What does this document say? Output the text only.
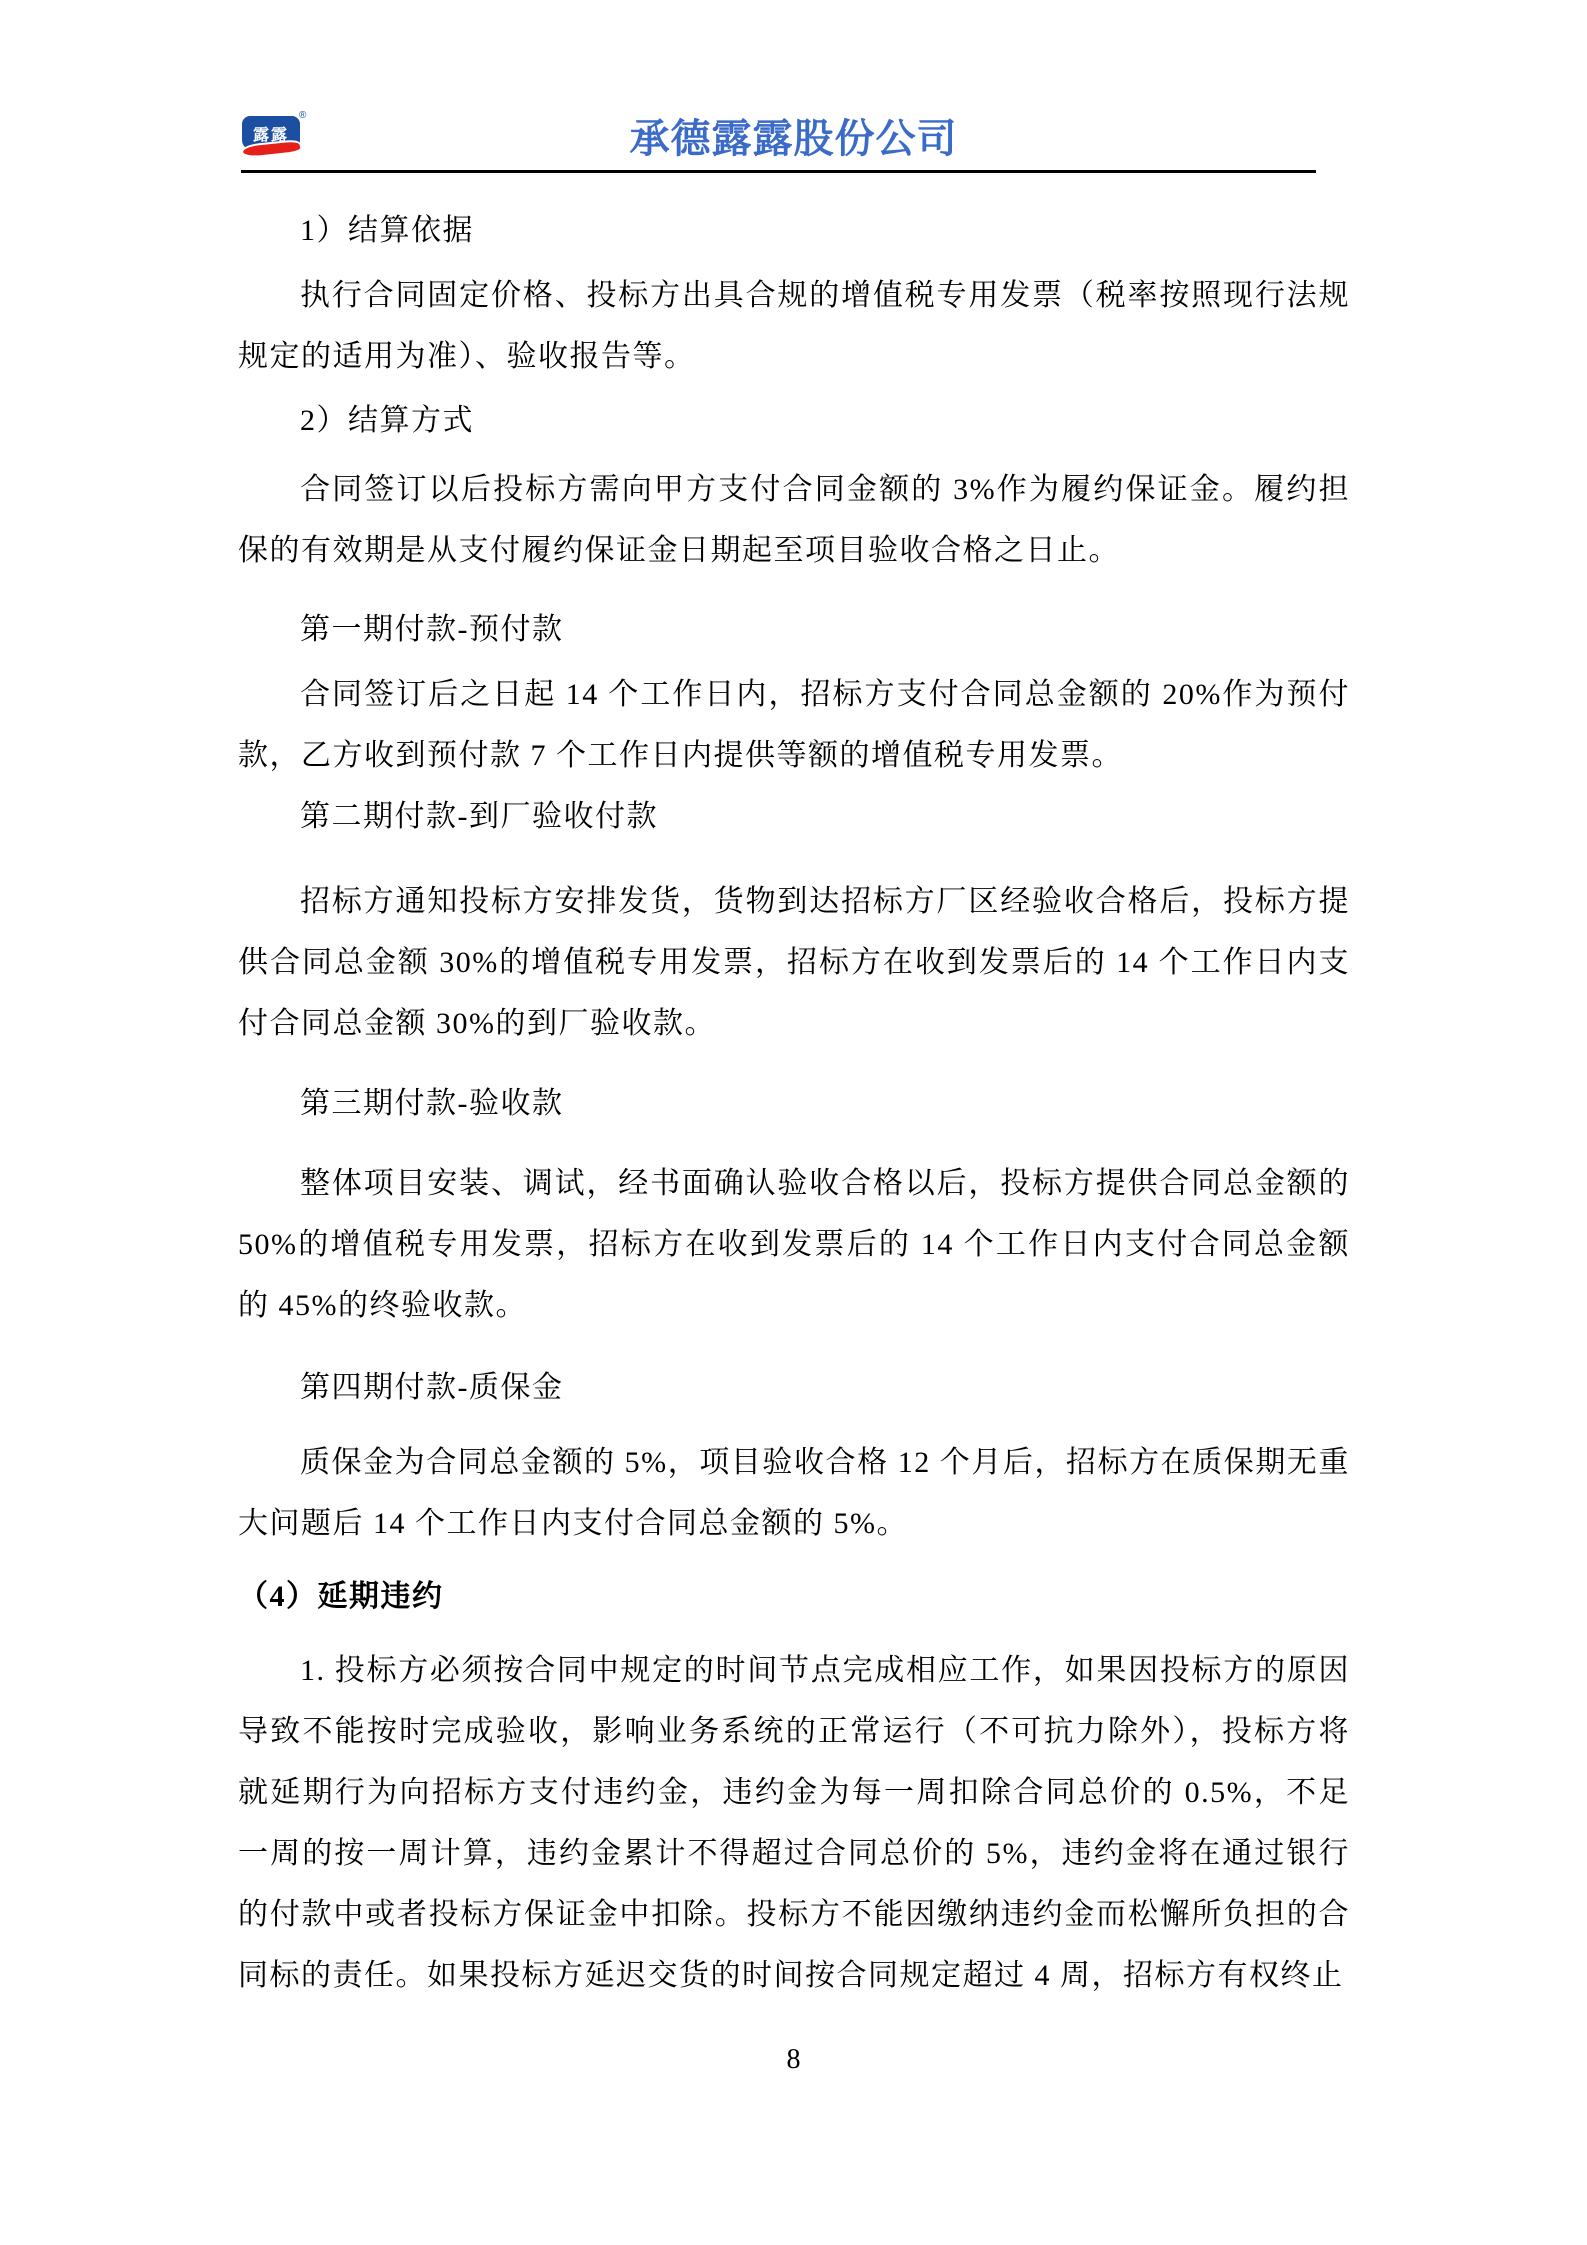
露露
®
承德露露股份公司

1）结算依据

执行合同固定价格、投标方出具合规的增值税专用发票（税率按照现行法规规定的适用为准）、验收报告等。

2）结算方式

合同签订以后投标方需向甲方支付合同金额的 3%作为履约保证金。履约担保的有效期是从支付履约保证金日期起至项目验收合格之日止。

第一期付款-预付款

合同签订后之日起 14 个工作日内，招标方支付合同总金额的 20%作为预付款，乙方收到预付款 7 个工作日内提供等额的增值税专用发票。

第二期付款-到厂验收付款

招标方通知投标方安排发货，货物到达招标方厂区经验收合格后，投标方提供合同总金额 30%的增值税专用发票，招标方在收到发票后的 14 个工作日内支付合同总金额 30%的到厂验收款。

第三期付款-验收款

整体项目安装、调试，经书面确认验收合格以后，投标方提供合同总金额的 50%的增值税专用发票，招标方在收到发票后的 14 个工作日内支付合同总金额的 45%的终验收款。

第四期付款-质保金

质保金为合同总金额的 5%，项目验收合格 12 个月后，招标方在质保期无重大问题后 14 个工作日内支付合同总金额的 5%。

（4）延期违约

1. 投标方必须按合同中规定的时间节点完成相应工作，如果因投标方的原因导致不能按时完成验收，影响业务系统的正常运行（不可抗力除外），投标方将就延期行为向招标方支付违约金，违约金为每一周扣除合同总价的 0.5%，不足一周的按一周计算，违约金累计不得超过合同总价的 5%，违约金将在通过银行的付款中或者投标方保证金中扣除。投标方不能因缴纳违约金而松懈所负担的合同标的责任。如果投标方延迟交货的时间按合同规定超过 4 周，招标方有权终止

8
